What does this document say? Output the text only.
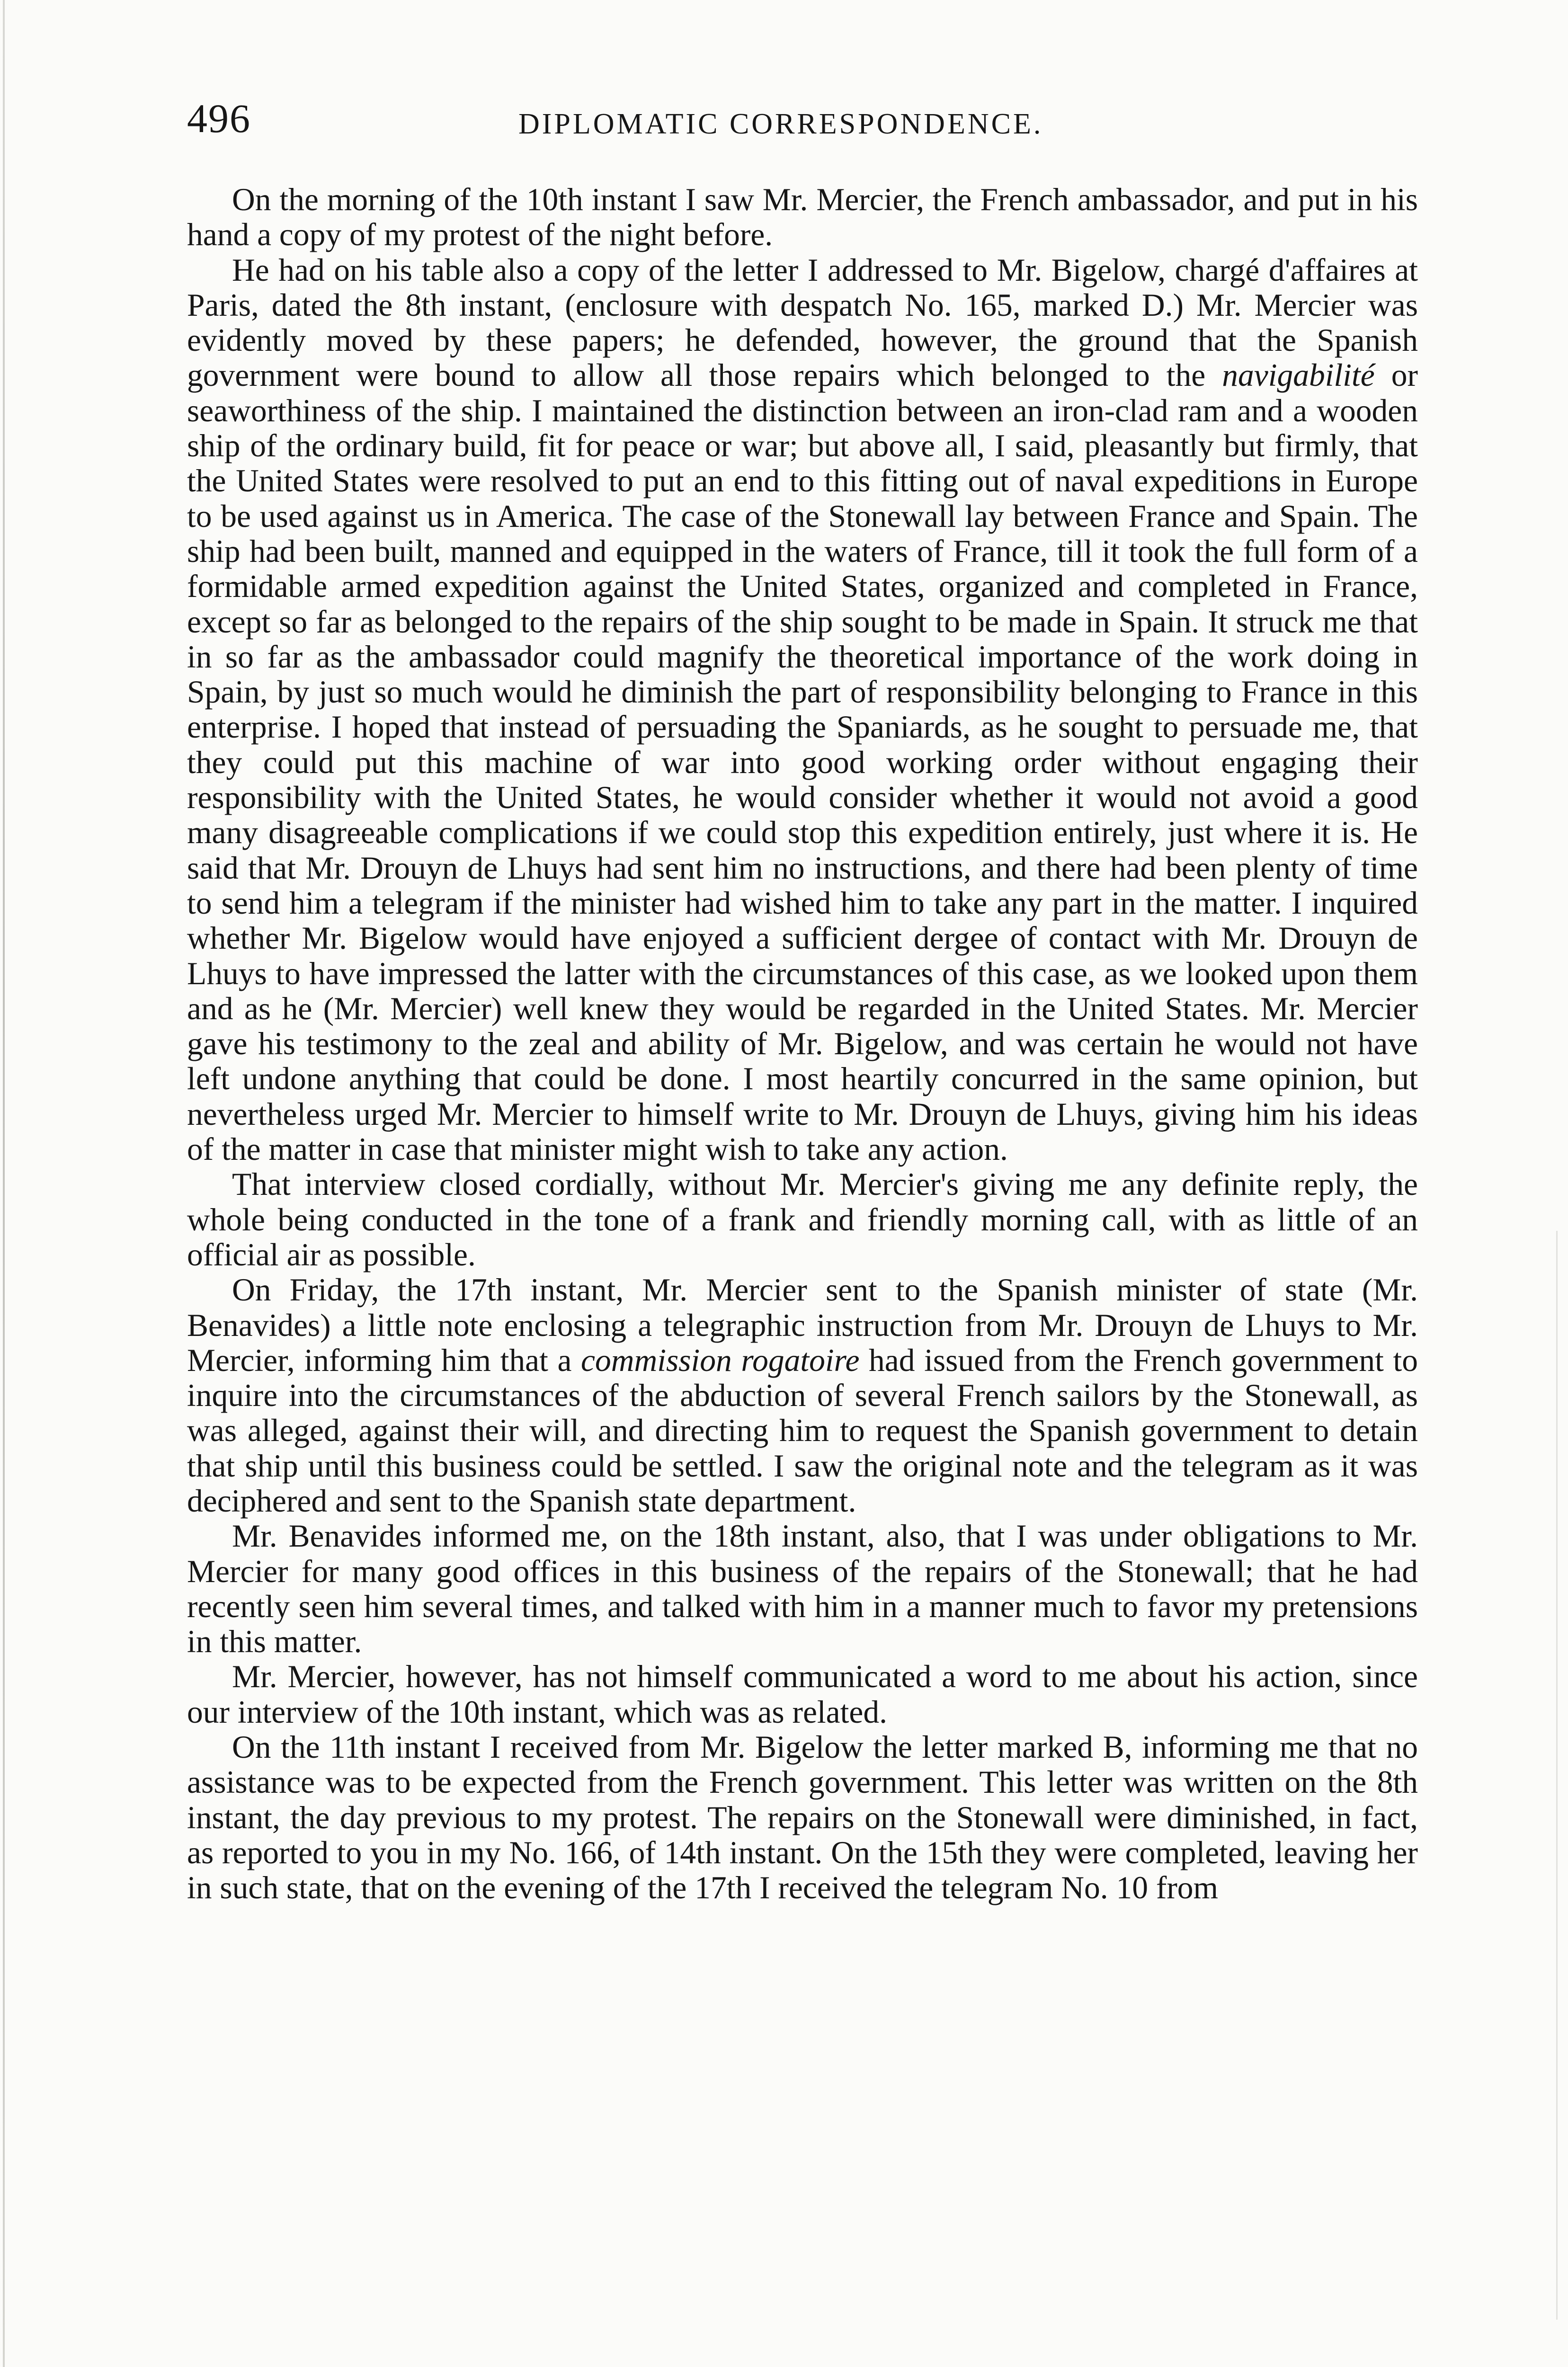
496	DIPLOMATIC CORRESPONDENCE.

On the morning of the 10th instant I saw Mr. Mercier, the French ambassador, and put in his hand a copy of my protest of the night before.

He had on his table also a copy of the letter I addressed to Mr. Bigelow, chargé d'affaires at Paris, dated the 8th instant, (enclosure with despatch No. 165, marked D.) Mr. Mercier was evidently moved by these papers; he defended, however, the ground that the Spanish government were bound to allow all those repairs which belonged to the navigabilité or seaworthiness of the ship. I maintained the distinction between an iron-clad ram and a wooden ship of the ordinary build, fit for peace or war; but above all, I said, pleasantly but firmly, that the United States were resolved to put an end to this fitting out of naval expeditions in Europe to be used against us in America. The case of the Stonewall lay between France and Spain. The ship had been built, manned and equipped in the waters of France, till it took the full form of a formidable armed expedition against the United States, organized and completed in France, except so far as belonged to the repairs of the ship sought to be made in Spain. It struck me that in so far as the ambassador could magnify the theoretical importance of the work doing in Spain, by just so much would he diminish the part of responsibility belonging to France in this enterprise. I hoped that instead of persuading the Spaniards, as he sought to persuade me, that they could put this machine of war into good working order without engaging their responsibility with the United States, he would consider whether it would not avoid a good many disagreeable complications if we could stop this expedition entirely, just where it is. He said that Mr. Drouyn de Lhuys had sent him no instructions, and there had been plenty of time to send him a telegram if the minister had wished him to take any part in the matter. I inquired whether Mr. Bigelow would have enjoyed a sufficient dergee of contact with Mr. Drouyn de Lhuys to have impressed the latter with the circumstances of this case, as we looked upon them and as he (Mr. Mercier) well knew they would be regarded in the United States. Mr. Mercier gave his testimony to the zeal and ability of Mr. Bigelow, and was certain he would not have left undone anything that could be done. I most heartily concurred in the same opinion, but nevertheless urged Mr. Mercier to himself write to Mr. Drouyn de Lhuys, giving him his ideas of the matter in case that minister might wish to take any action.

That interview closed cordially, without Mr. Mercier's giving me any definite reply, the whole being conducted in the tone of a frank and friendly morning call, with as little of an official air as possible.

On Friday, the 17th instant, Mr. Mercier sent to the Spanish minister of state (Mr. Benavides) a little note enclosing a telegraphic instruction from Mr. Drouyn de Lhuys to Mr. Mercier, informing him that a commission rogatoire had issued from the French government to inquire into the circumstances of the abduction of several French sailors by the Stonewall, as was alleged, against their will, and directing him to request the Spanish government to detain that ship until this business could be settled. I saw the original note and the telegram as it was deciphered and sent to the Spanish state department.

Mr. Benavides informed me, on the 18th instant, also, that I was under obligations to Mr. Mercier for many good offices in this business of the repairs of the Stonewall; that he had recently seen him several times, and talked with him in a manner much to favor my pretensions in this matter.

Mr. Mercier, however, has not himself communicated a word to me about his action, since our interview of the 10th instant, which was as related.

On the 11th instant I received from Mr. Bigelow the letter marked B, informing me that no assistance was to be expected from the French government. This letter was written on the 8th instant, the day previous to my protest. The repairs on the Stonewall were diminished, in fact, as reported to you in my No. 166, of 14th instant. On the 15th they were completed, leaving her in such state, that on the evening of the 17th I received the telegram No. 10 from
